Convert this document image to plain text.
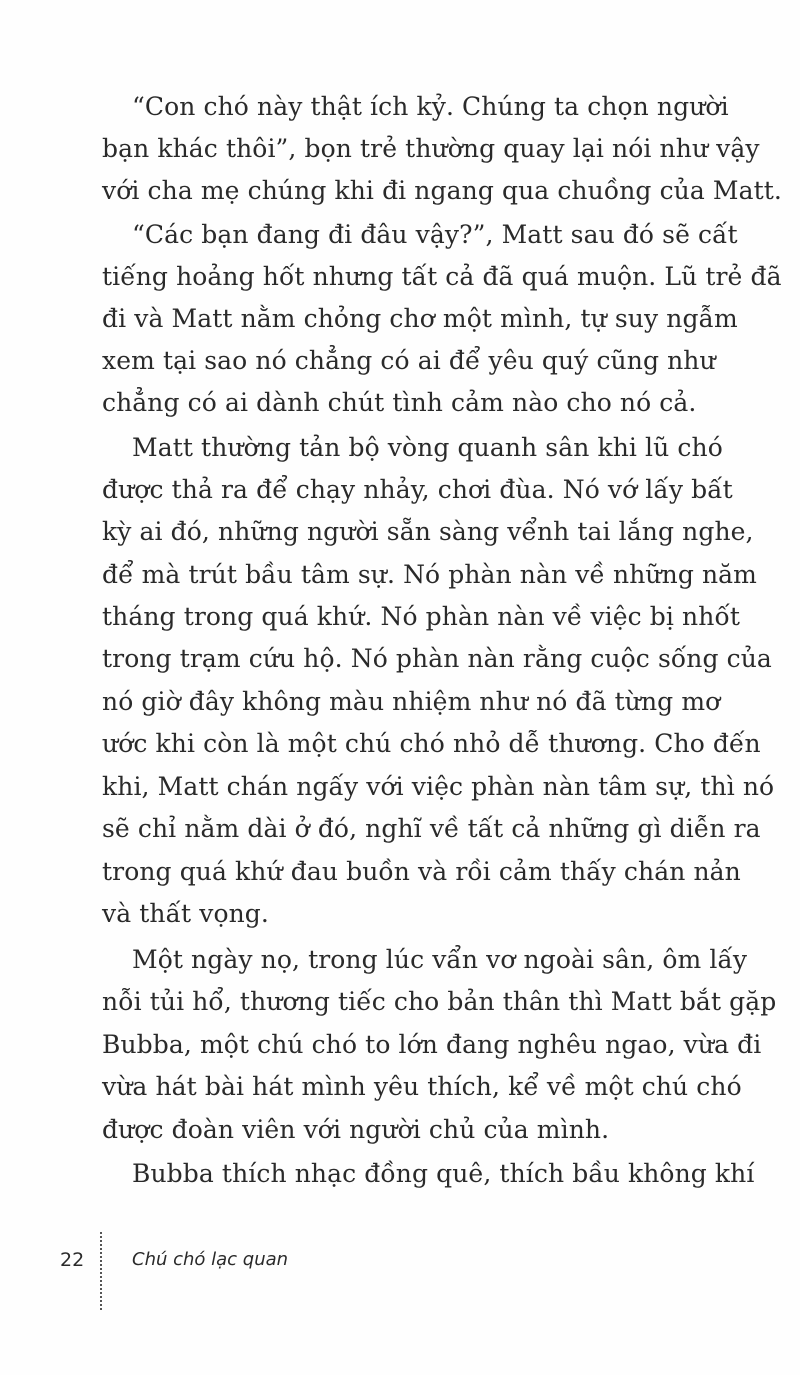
“Con chó này thật ích kỷ. Chúng ta chọn người
bạn khác thôi”, bọn trẻ thường quay lại nói như vậy
với cha mẹ chúng khi đi ngang qua chuồng của Matt.
“Các bạn đang đi đâu vậy?”, Matt sau đó sẽ cất
tiếng hoảng hốt nhưng tất cả đã quá muộn. Lũ trẻ đã
đi và Matt nằm chỏng chơ một mình, tự suy ngẫm
xem tại sao nó chẳng có ai để yêu quý cũng như
chẳng có ai dành chút tình cảm nào cho nó cả.
Matt thường tản bộ vòng quanh sân khi lũ chó
được thả ra để chạy nhảy, chơi đùa. Nó vớ lấy bất
kỳ ai đó, những người sẵn sàng vểnh tai lắng nghe,
để mà trút bầu tâm sự. Nó phàn nàn về những năm
tháng trong quá khứ. Nó phàn nàn về việc bị nhốt
trong trạm cứu hộ. Nó phàn nàn rằng cuộc sống của
nó giờ đây không màu nhiệm như nó đã từng mơ
ước khi còn là một chú chó nhỏ dễ thương. Cho đến
khi, Matt chán ngấy với việc phàn nàn tâm sự, thì nó
sẽ chỉ nằm dài ở đó, nghĩ về tất cả những gì diễn ra
trong quá khứ đau buồn và rồi cảm thấy chán nản
và thất vọng.
Một ngày nọ, trong lúc vẩn vơ ngoài sân, ôm lấy
nỗi tủi hổ, thương tiếc cho bản thân thì Matt bắt gặp
Bubba, một chú chó to lớn đang nghêu ngao, vừa đi
vừa hát bài hát mình yêu thích, kể về một chú chó
được đoàn viên với người chủ của mình.
Bubba thích nhạc đồng quê, thích bầu không khí
22	Chú chó lạc quan
